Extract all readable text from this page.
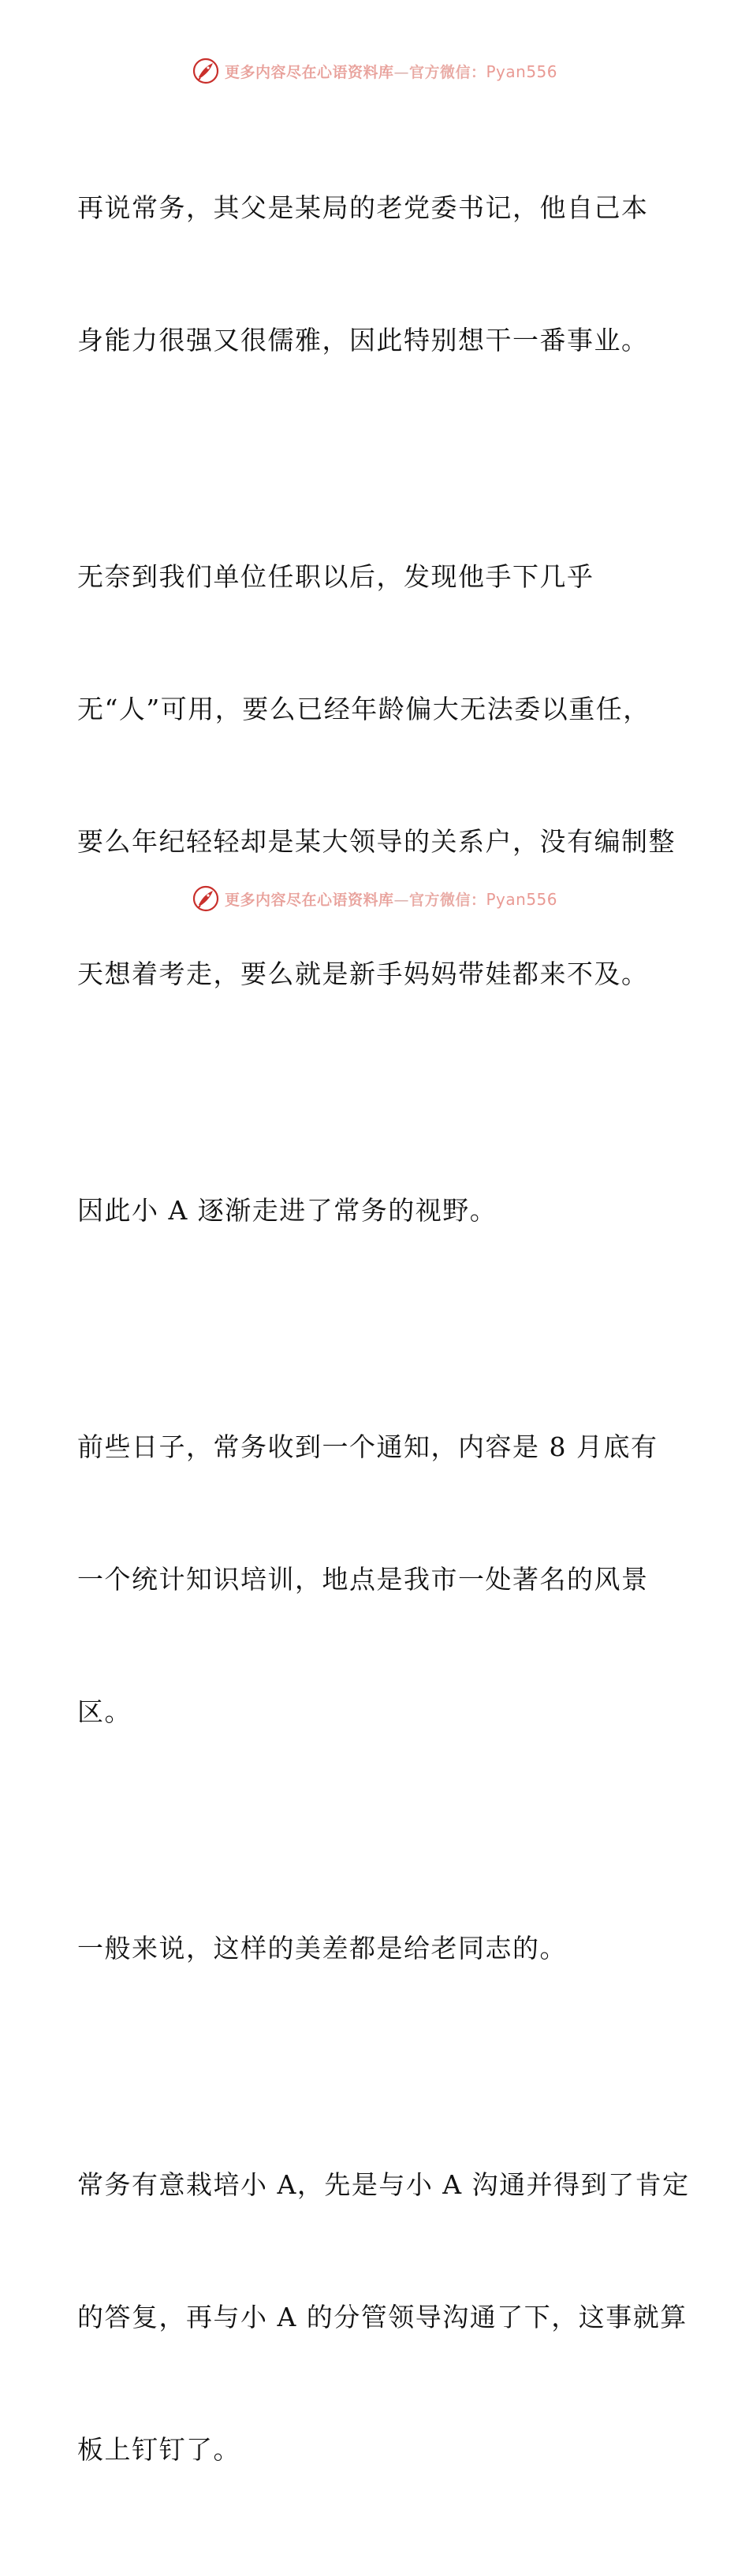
更多内容尽在心语资料库—官方微信：Pyan556

再说常务，其父是某局的老党委书记，他自己本

身能力很强又很儒雅，因此特别想干一番事业。

无奈到我们单位任职以后，发现他手下几乎

无“人”可用，要么已经年龄偏大无法委以重任，

要么年纪轻轻却是某大领导的关系户，没有编制整

天想着考走，要么就是新手妈妈带娃都来不及。

因此小 A 逐渐走进了常务的视野。

前些日子，常务收到一个通知，内容是 8 月底有

一个统计知识培训，地点是我市一处著名的风景

区。

一般来说，这样的美差都是给老同志的。

常务有意栽培小 A，先是与小 A 沟通并得到了肯定

的答复，再与小 A 的分管领导沟通了下，这事就算

板上钉钉了。

更多内容尽在心语资料库—官方微信：Pyan556
